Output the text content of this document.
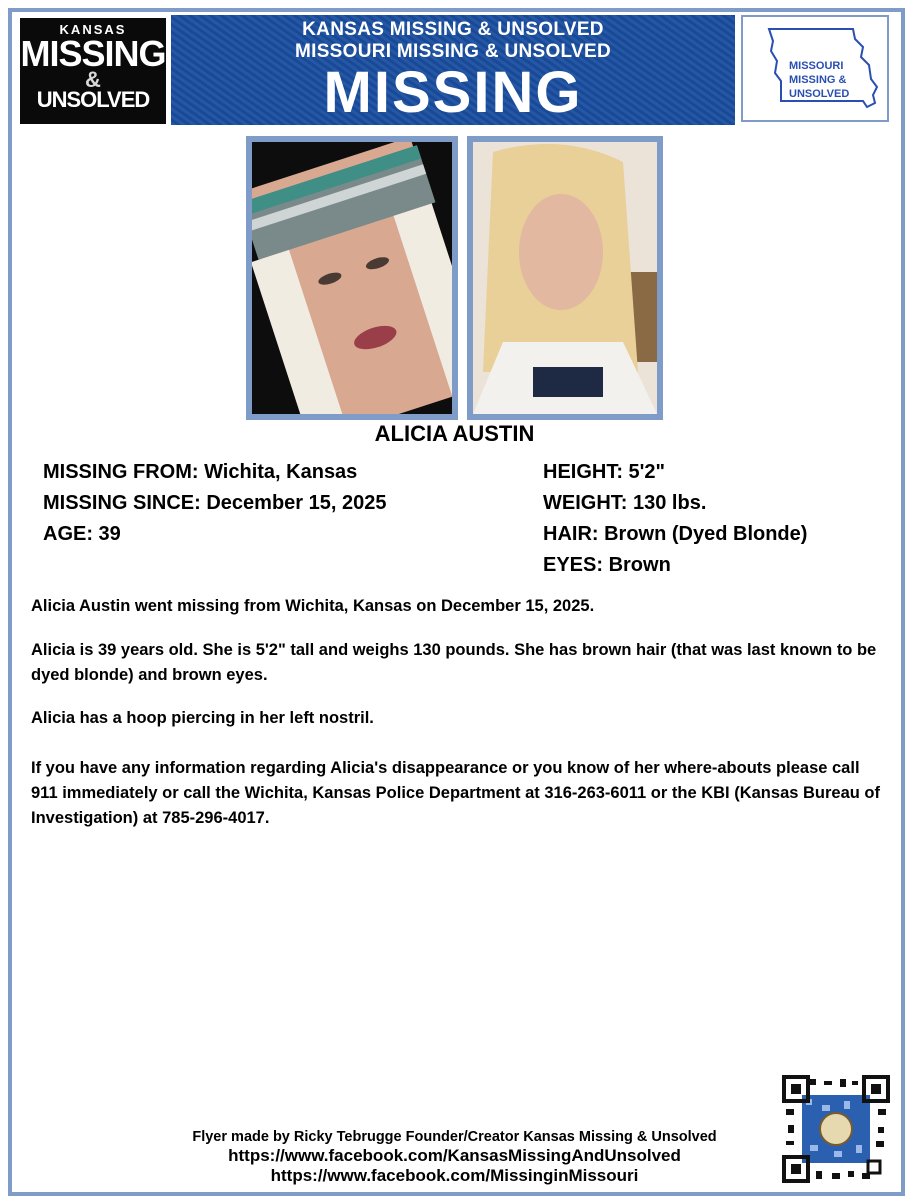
KANSAS
MISSING
&
UNSOLVED
KANSAS MISSING & UNSOLVED
MISSOURI MISSING & UNSOLVED
MISSING	MISSOURI
MISSING &
UNSOLVED
ALICIA AUSTIN
MISSING FROM: Wichita, Kansas
MISSING SINCE: December 15, 2025
AGE: 39
HEIGHT: 5'2"
WEIGHT: 130 lbs.
HAIR: Brown (Dyed Blonde)
EYES: Brown
Alicia Austin went missing from Wichita, Kansas on December 15, 2025.
Alicia is 39 years old. She is 5'2" tall and weighs 130 pounds. She has brown hair (that was last known to be dyed blonde) and brown eyes.
Alicia has a hoop piercing in her left nostril.
If you have any information regarding Alicia's disappearance or you know of her where-abouts please call 911 immediately or call the Wichita, Kansas Police Department at 316-263-6011 or the KBI (Kansas Bureau of Investigation) at 785-296-4017.
Flyer made by Ricky Tebrugge Founder/Creator Kansas Missing & Unsolved
https://www.facebook.com/KansasMissingAndUnsolved
https://www.facebook.com/MissinginMissouri
